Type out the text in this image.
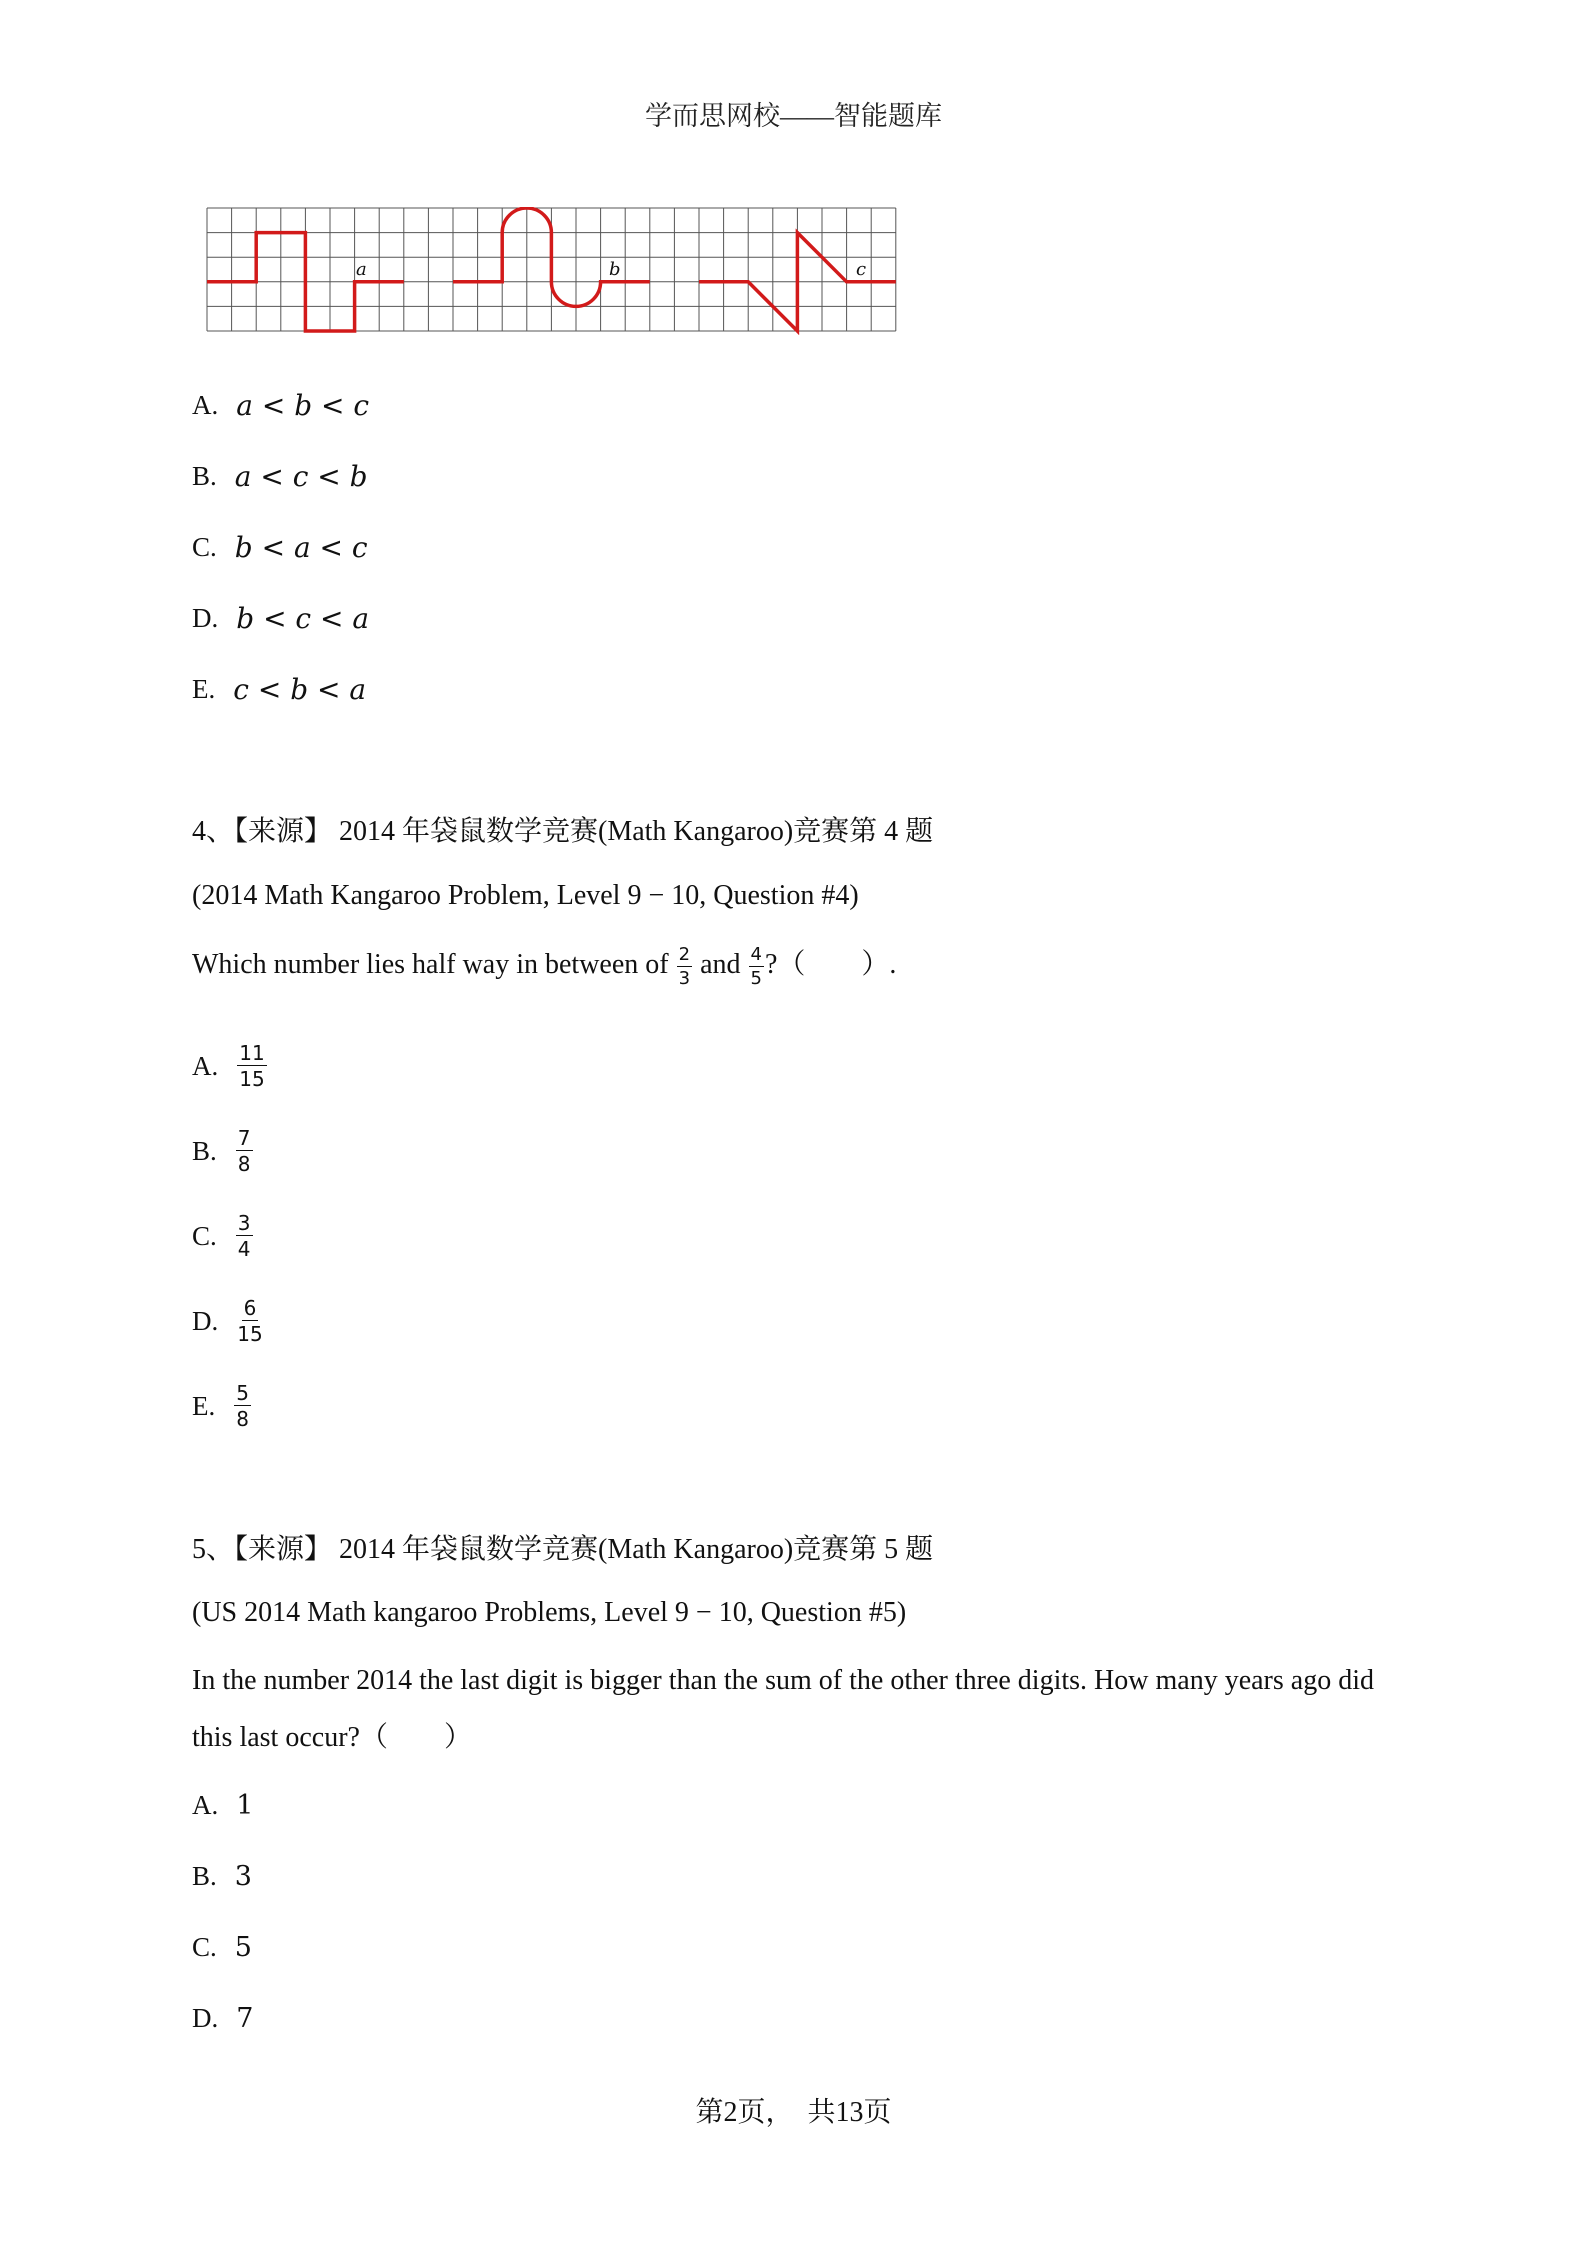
学而思网校——智能题库
a	b	c
A. a < b < c
B. a < c < b
C. b < a < c
D. b < c < a
E. c < b < a
4、【来源】 2014 年袋鼠数学竞赛(Math Kangaroo)竞赛第 4 题
(2014 Math Kangaroo Problem, Level 9 − 10, Question #4)
Which number lies half way in between of $\frac{2}{3}$ and $\frac{4}{5}$ ?（　　）.
A. $\frac{11}{15}$
B. $\frac{7}{8}$
C. $\frac{3}{4}$
D. $\frac{6}{15}$
E. $\frac{5}{8}$
5、【来源】 2014 年袋鼠数学竞赛(Math Kangaroo)竞赛第 5 题
(US 2014 Math kangaroo Problems, Level 9 − 10, Question #5)
In the number 2014 the last digit is bigger than the sum of the other three digits. How many years ago did
this last occur?（　　）
A. 1
B. 3
C. 5
D. 7
第2页，　共13页
